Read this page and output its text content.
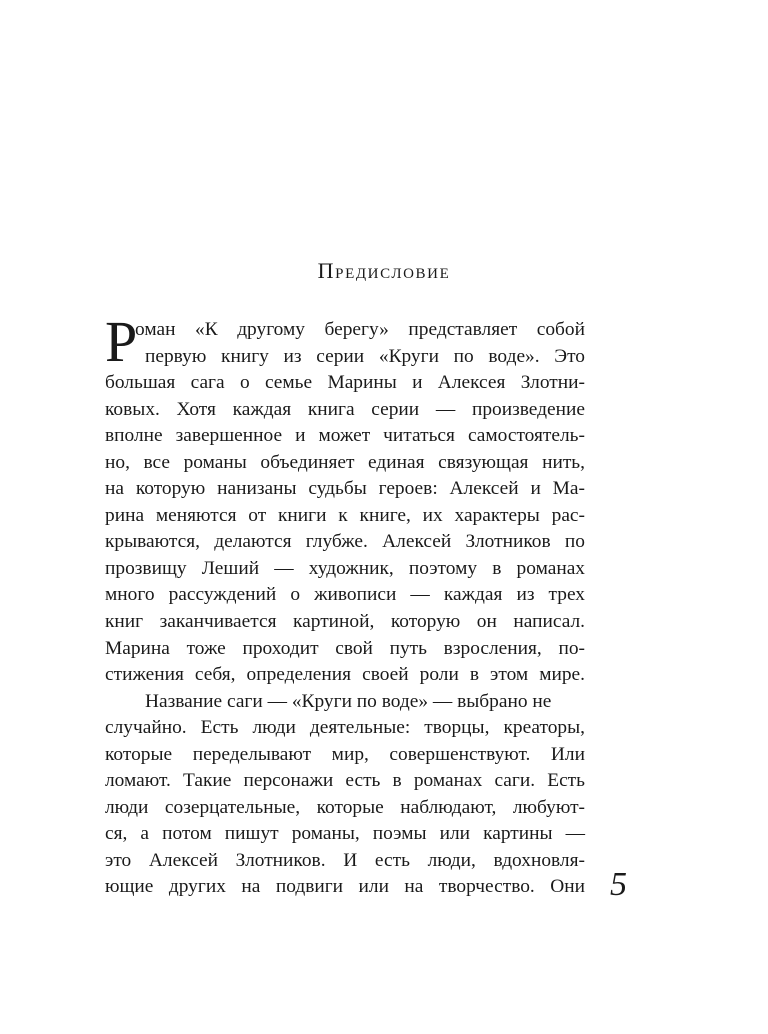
Предисловие
Р
оман «К другому берегу» представляет собой
первую книгу из серии «Круги по воде». Это
большая сага о семье Марины и Алексея Злотни-
ковых. Хотя каждая книга серии — произведение
вполне завершенное и может читаться самостоятель-
но, все романы объединяет единая связующая нить,
на которую нанизаны судьбы героев: Алексей и Ма-
рина меняются от книги к книге, их характеры рас-
крываются, делаются глубже. Алексей Злотников по
прозвищу Леший — художник, поэтому в романах
много рассуждений о живописи — каждая из трех
книг заканчивается картиной, которую он написал.
Марина тоже проходит свой путь взросления, по-
стижения себя, определения своей роли в этом мире.
Название саги — «Круги по воде» — выбрано не
случайно. Есть люди деятельные: творцы, креаторы,
которые переделывают мир, совершенствуют. Или
ломают. Такие персонажи есть в романах саги. Есть
люди созерцательные, которые наблюдают, любуют-
ся, а потом пишут романы, поэмы или картины —
это Алексей Злотников. И есть люди, вдохновля-
ющие других на подвиги или на творчество. Они 5
